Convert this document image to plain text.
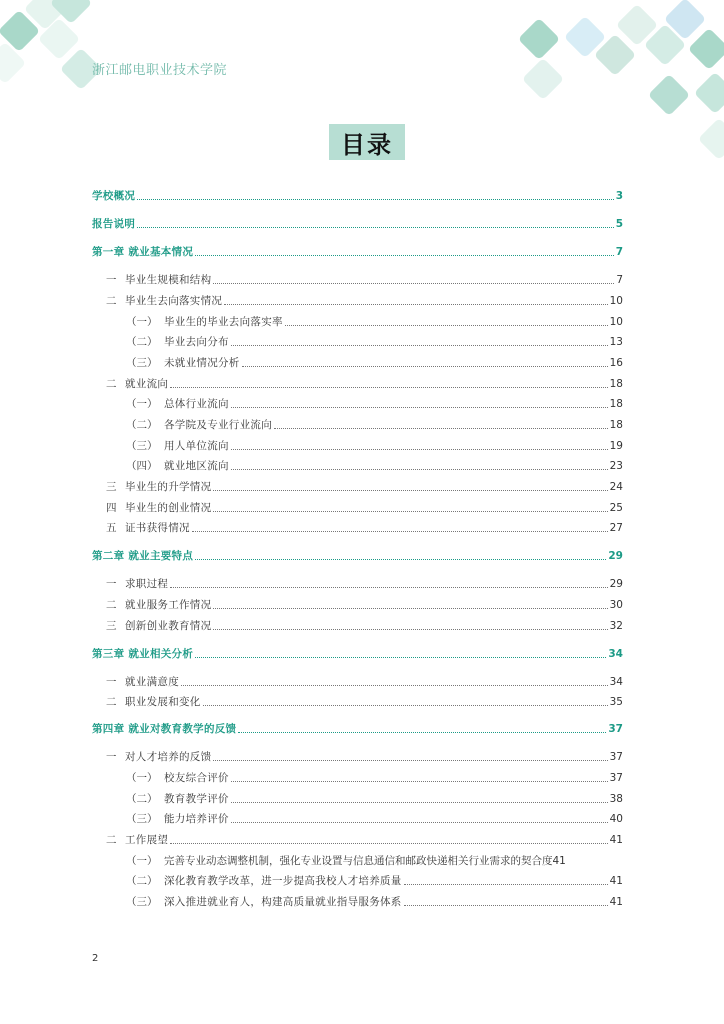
浙江邮电职业技术学院
目录
学校概况	3
报告说明	5
第一章 就业基本情况	7
一 毕业生规模和结构	7
二 毕业生去向落实情况	10
（一） 毕业生的毕业去向落实率	10
（二） 毕业去向分布	13
（三） 未就业情况分析	16
二 就业流向	18
（一） 总体行业流向	18
（二） 各学院及专业行业流向	18
（三） 用人单位流向	19
（四） 就业地区流向	23
三 毕业生的升学情况	24
四 毕业生的创业情况	25
五 证书获得情况	27
第二章 就业主要特点	29
一 求职过程	29
二 就业服务工作情况	30
三 创新创业教育情况	32
第三章 就业相关分析	34
一 就业满意度	34
二 职业发展和变化	35
第四章 就业对教育教学的反馈	37
一 对人才培养的反馈	37
（一） 校友综合评价	37
（二） 教育教学评价	38
（三） 能力培养评价	40
二 工作展望	41
（一） 完善专业动态调整机制，强化专业设置与信息通信和邮政快递相关行业需求的契合度 41
（二） 深化教育教学改革，进一步提高我校人才培养质量	41
（三） 深入推进就业育人，构建高质量就业指导服务体系	41
2
